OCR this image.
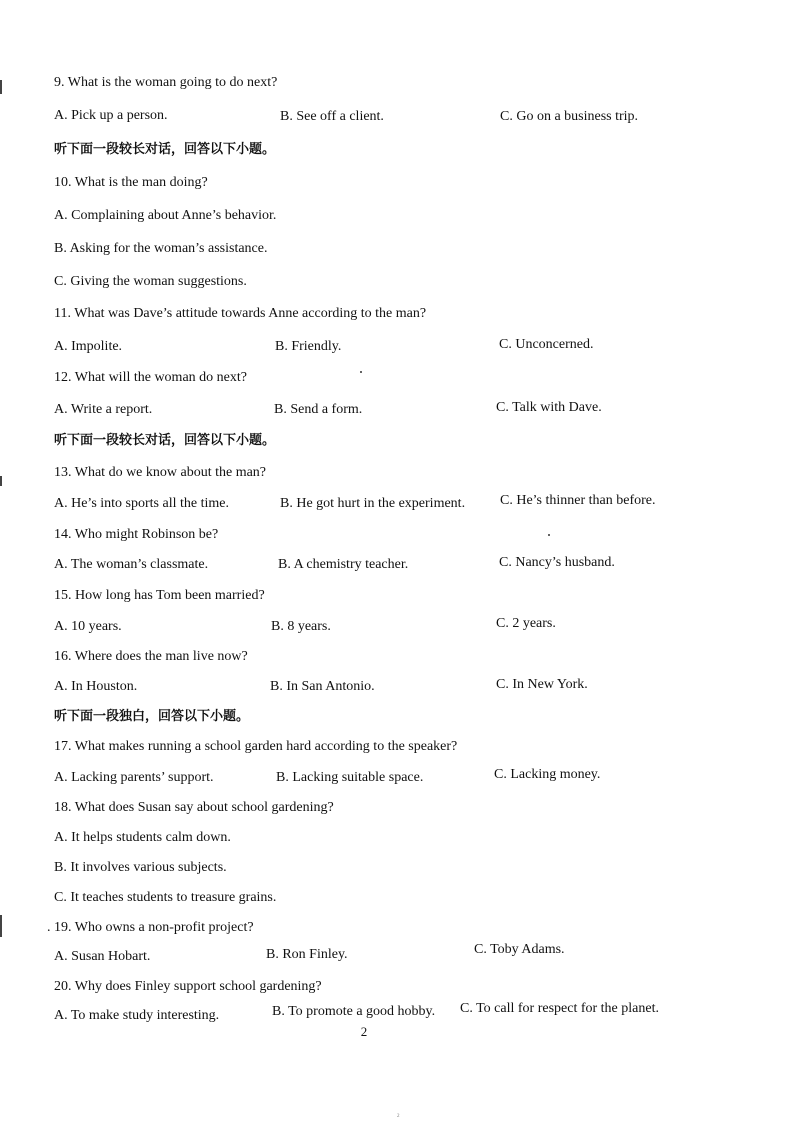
9. What is the woman going to do next?
A. Pick up a person.	B. See off a client.	C. Go on a business trip.
听下面一段较长对话，回答以下小题。
10. What is the man doing?
A. Complaining about Anne’s behavior.
B. Asking for the woman’s assistance.
C. Giving the woman suggestions.
11. What was Dave’s attitude towards Anne according to the man?
A. Impolite.	B. Friendly.	C. Unconcerned.
12. What will the woman do next?
A. Write a report.	B. Send a form.	C. Talk with Dave.
听下面一段较长对话，回答以下小题。
13. What do we know about the man?
A. He’s into sports all the time.	B. He got hurt in the experiment. C. He’s thinner than before.
14. Who might Robinson be?
A. The woman’s classmate.	B. A chemistry teacher.	C. Nancy’s husband.
15. How long has Tom been married?
A. 10 years.	B. 8 years.	C. 2 years.
16. Where does the man live now?
A. In Houston.	B. In San Antonio.	C. In New York.
听下面一段独白，回答以下小题。
17. What makes running a school garden hard according to the speaker?
A. Lacking parents’ support.	B. Lacking suitable space.	C. Lacking money.
18. What does Susan say about school gardening?
A. It helps students calm down.
B. It involves various subjects.
C. It teaches students to treasure grains.
. 19. Who owns a non-profit project?
A. Susan Hobart.	B. Ron Finley.	C. Toby Adams.
20. Why does Finley support school gardening?
A. To make study interesting.	B. To promote a good hobby. C. To call for respect for the planet.
2
2
